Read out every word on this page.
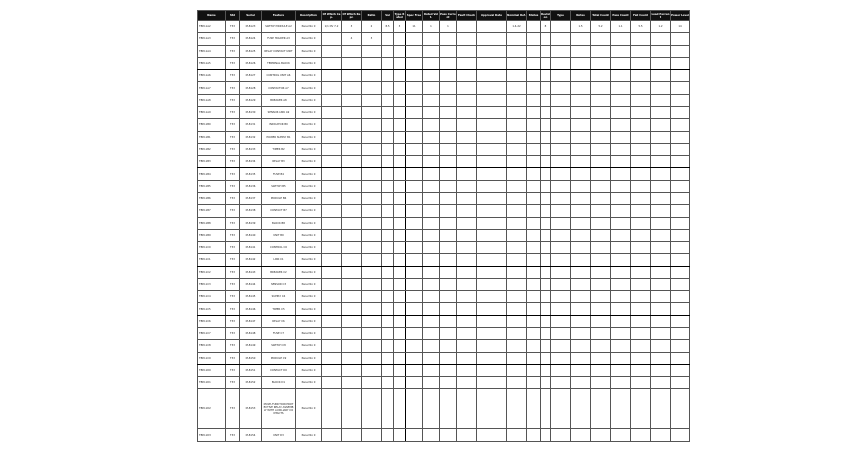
Name	Std	Serial	Feature	Description	Of Which Cap.	Of Which Repr.	Ratio	Val	Type Rated	Spec Free	Rated Volt.	Pass Current	Fault Check	Approval Date	Nominal Ref.	Status	Revision	Type	Notes	Total Count	Pass Count	Fail Count	Load Percent	Power Level
TBM-1A2	T33	M-8123	SWITCH MODULE A2	Panel No 0	1/1 DV 7-2	3	2	8.5	3	11	1	1			1.4-22		8		1.5	5.2	1.1	5.5	1.2	14
TBM-1A3	T33	M-8124	FUSE HOLDER A3	Panel No 0		4	3																	
TBM-1A4	T33	M-8125	RELAY CONTACT UNIT	Panel No 0																				
TBM-1A5	T33	M-8126	TERMINAL BLOCK	Panel No 0																				
TBM-1A6	T33	M-8127	CONTROL UNIT A6	Panel No 0																				
TBM-1A7	T33	M-8128	CONTACTOR A7	Panel No 0																				
TBM-1A8	T33	M-8129	BREAKER A8	Panel No 0																				
TBM-1A9	T33	M-8130	SENSOR LINK A9	Panel No 0																				
TBM-1B0	T33	M-8131	INDICATOR B0	Panel No 0																				
TBM-1B1	T33	M-8132	POWER SUPPLY B1	Panel No 0																				
TBM-1B2	T33	M-8133	TIMER B2	Panel No 0																				
TBM-1B3	T33	M-8134	RELAY B3	Panel No 0																				
TBM-1B4	T33	M-8135	FUSE B4	Panel No 0																				
TBM-1B5	T33	M-8136	SWITCH B5	Panel No 0																				
TBM-1B6	T33	M-8137	MODULE B6	Panel No 0																				
TBM-1B7	T33	M-8138	CONTACT B7	Panel No 0																				
TBM-1B8	T33	M-8139	BLOCK B8	Panel No 0																				
TBM-1B9	T33	M-8140	UNIT B9	Panel No 0																				
TBM-1C0	T33	M-8141	CONTROL C0	Panel No 0																				
TBM-1C1	T33	M-8142	LINK C1	Panel No 0																				
TBM-1C2	T33	M-8143	BREAKER C2	Panel No 0																				
TBM-1C3	T33	M-8144	SENSOR C3	Panel No 0																				
TBM-1C4	T33	M-8145	SUPPLY C4	Panel No 0																				
TBM-1C5	T33	M-8146	TIMER C5	Panel No 0																				
TBM-1C6	T33	M-8147	RELAY C6	Panel No 0																				
TBM-1C7	T33	M-8148	FUSE C7	Panel No 0																				
TBM-1C8	T33	M-8149	SWITCH C8	Panel No 0																				
TBM-1C9	T33	M-8150	MODULE C9	Panel No 0																				
TBM-1D0	T33	M-8151	CONTACT D0	Panel No 0																				
TBM-1D1	T33	M-8152	BLOCK D1	Panel No 0																				
TBM-1D2	T33	M-8153	MULTI-FUNCTION PROTECTIVE RELAY ASSEMBLY WITH AUXILIARY CONTACTS	Panel No 0																				
TBM-1D3	T33	M-8154	UNIT D3	Panel No 0																				
